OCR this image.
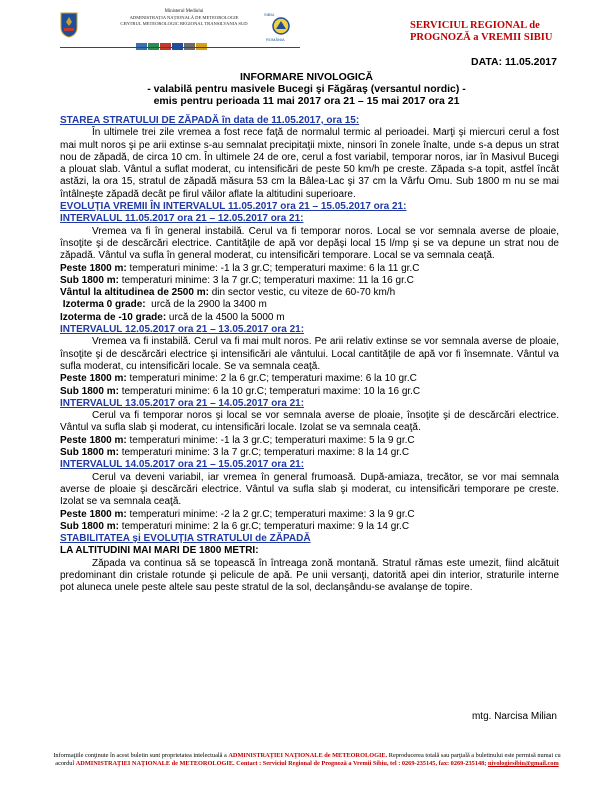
Ministerul Mediului
ADMINISTRAȚIA NAȚIONALĂ DE METEOROLOGIE
CENTRUL METEOROLOGIC REGIONAL TRANSILVANIA SUD
SIBIU
ROMÂNIA
SERVICIUL REGIONAL de
PROGNOZĂ a VREMII SIBIU
DATA: 11.05.2017
INFORMARE NIVOLOGICĂ
- valabilă pentru masivele Bucegi şi Făgăraş (versantul nordic) -
emis pentru perioada 11 mai 2017 ora 21 – 15 mai 2017 ora 21

STAREA STRATULUI DE ZĂPADĂ în data de 11.05.2017, ora 15:

În ultimele trei zile vremea a fost rece faţă de normalul termic al perioadei. Marţi şi miercuri cerul a fost mai mult noros şi pe arii extinse s-au semnalat precipitaţii mixte, ninsori în zonele înalte, unde s-a depus un strat nou de zăpadă, de circa 10 cm. În ultimele 24 de ore, cerul a fost variabil, temporar noros, iar în Masivul Bucegi a plouat slab. Vântul a suflat moderat, cu intensificări de peste 50 km/h pe creste. Zăpada s-a topit, astfel încât astăzi, la ora 15, stratul de zăpadă măsura 53 cm la Bâlea-Lac şi 37 cm la Vârfu Omu. Sub 1800 m nu se mai întâlneşte zăpadă decât pe firul văilor aflate la altitudini superioare.

EVOLUŢIA VREMII ÎN INTERVALUL 11.05.2017 ora 21 – 15.05.2017 ora 21:

INTERVALUL 11.05.2017 ora 21 – 12.05.2017 ora 21:

Vremea va fi în general instabilă. Cerul va fi temporar noros. Local se vor semnala averse de ploaie, însoţite şi de descărcări electrice. Cantităţile de apă vor depăşi local 15 l/mp şi se va depune un strat nou de zăpadă. Vântul va sufla în general moderat, cu intensificări temporare. Local se va semnala ceaţă.

Peste 1800 m: temperaturi minime: -1 la 3 gr.C; temperaturi maxime: 6 la 11 gr.C

Sub 1800 m: temperaturi minime: 3 la 7 gr.C; temperaturi maxime: 11 la 16 gr.C

Vântul la altitudinea de 2500 m: din sector vestic, cu viteze de 60-70 km/h

Izoterma 0 grade:  urcă de la 2900 la 3400 m

Izoterma de -10 grade: urcă de la 4500 la 5000 m

INTERVALUL 12.05.2017 ora 21 – 13.05.2017 ora 21:

Vremea va fi instabilă. Cerul va fi mai mult noros. Pe arii relativ extinse se vor semnala averse de ploaie, însoţite şi de descărcări electrice şi intensificări ale vântului. Local cantităţile de apă vor fi însemnate. Vântul va sufla moderat, cu intensificări locale. Se va semnala ceaţă.

Peste 1800 m: temperaturi minime: 2 la 6 gr.C; temperaturi maxime: 6 la 10 gr.C

Sub 1800 m: temperaturi minime: 6 la 10 gr.C; temperaturi maxime: 10 la 16 gr.C

INTERVALUL 13.05.2017 ora 21 – 14.05.2017 ora 21:

Cerul va fi temporar noros şi local se vor semnala averse de ploaie, însoţite şi de descărcări electrice. Vântul va sufla slab şi moderat, cu intensificări locale. Izolat se va semnala ceaţă.

Peste 1800 m: temperaturi minime: -1 la 3 gr.C; temperaturi maxime: 5 la 9 gr.C

Sub 1800 m: temperaturi minime: 3 la 7 gr.C; temperaturi maxime: 8 la 14 gr.C

INTERVALUL 14.05.2017 ora 21 – 15.05.2017 ora 21:

Cerul va deveni variabil, iar vremea în general frumoasă. După-amiaza, trecător, se vor mai semnala averse de ploaie şi descărcări electrice. Vântul va sufla slab şi moderat, cu intensificări temporare pe creste. Izolat se va semnala ceaţă.

Peste 1800 m: temperaturi minime: -2 la 2 gr.C; temperaturi maxime: 3 la 9 gr.C

Sub 1800 m: temperaturi minime: 2 la 6 gr.C; temperaturi maxime: 9 la 14 gr.C

STABILITATEA şi EVOLUŢIA STRATULUI de ZĂPADĂ

LA ALTITUDINI MAI MARI DE 1800 METRI:

Zăpada va continua să se topească în întreaga zonă montană. Stratul rămas este umezit, fiind alcătuit predominant din cristale rotunde şi pelicule de apă. Pe unii versanţi, datorită apei din interior, straturile interne pot aluneca unele peste altele sau peste stratul de la sol, declanşându-se avalanşe de topire.

mtg. Narcisa Milian
Informaţiile conţinute în acest buletin sunt proprietatea intelectuală a ADMINISTRAŢIEI NAŢIONALE de METEOROLOGIE. Reproducerea totală sau parţială a buletinului este permisă numai cu acordul ADMINISTRAŢIEI NAŢIONALE de METEOROLOGIE. Contact : Serviciul Regional de Prognoză a Vremii Sibiu, tel : 0269-235145, fax: 0269-235148; nivologiesibiu@gmail.com
